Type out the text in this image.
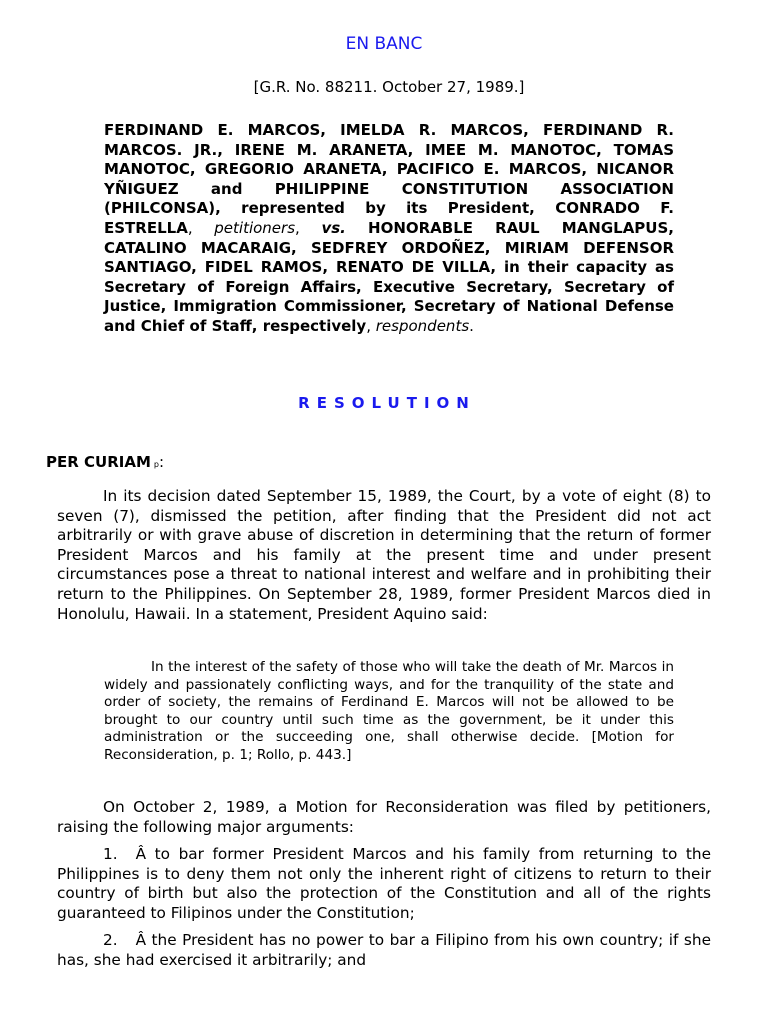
EN BANC
[G.R. No. 88211. October 27, 1989.]
FERDINAND E. MARCOS, IMELDA R. MARCOS, FERDINAND R. MARCOS. JR., IRENE M. ARANETA, IMEE M. MANOTOC, TOMAS MANOTOC, GREGORIO ARANETA, PACIFICO E. MARCOS, NICANOR YÑIGUEZ and PHILIPPINE CONSTITUTION ASSOCIATION (PHILCONSA), represented by its President, CONRADO F. ESTRELLA, petitioners, vs. HONORABLE RAUL MANGLAPUS, CATALINO MACARAIG, SEDFREY ORDOÑEZ, MIRIAM DEFENSOR SANTIAGO, FIDEL RAMOS, RENATO DE VILLA, in their capacity as Secretary of Foreign Affairs, Executive Secretary, Secretary of Justice, Immigration Commissioner, Secretary of National Defense and Chief of Staff, respectively, respondents.
RESOLUTION
PER CURIAM p:
In its decision dated September 15, 1989, the Court, by a vote of eight (8) to seven (7), dismissed the petition, after finding that the President did not act arbitrarily or with grave abuse of discretion in determining that the return of former President Marcos and his family at the present time and under present circumstances pose a threat to national interest and welfare and in prohibiting their return to the Philippines. On September 28, 1989, former President Marcos died in Honolulu, Hawaii. In a statement, President Aquino said:
In the interest of the safety of those who will take the death of Mr. Marcos in widely and passionately conflicting ways, and for the tranquility of the state and order of society, the remains of Ferdinand E. Marcos will not be allowed to be brought to our country until such time as the government, be it under this administration or the succeeding one, shall otherwise decide. [Motion for Reconsideration, p. 1; Rollo, p. 443.]
On October 2, 1989, a Motion for Reconsideration was filed by petitioners, raising the following major arguments:
1. Â to bar former President Marcos and his family from returning to the Philippines is to deny them not only the inherent right of citizens to return to their country of birth but also the protection of the Constitution and all of the rights guaranteed to Filipinos under the Constitution;
2. Â the President has no power to bar a Filipino from his own country; if she has, she had exercised it arbitrarily; and
